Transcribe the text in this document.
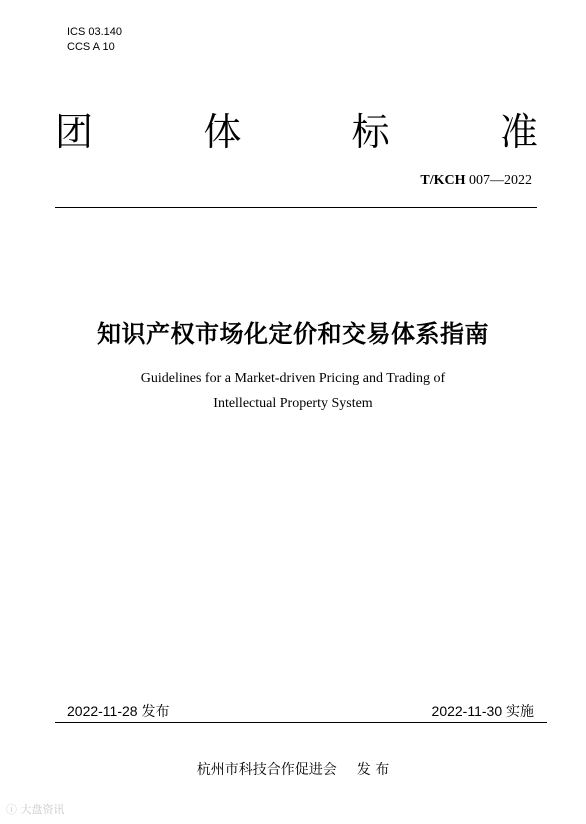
ICS 03.140
CCS A 10
团	体	标	准
T/KCH 007—2022
知识产权市场化定价和交易体系指南
Guidelines for a Market-driven Pricing and Trading of
Intellectual Property System
2022-11-28 发布	2022-11-30 实施
杭州市科技合作促进会 发 布
ⓘ 大盘资讯
